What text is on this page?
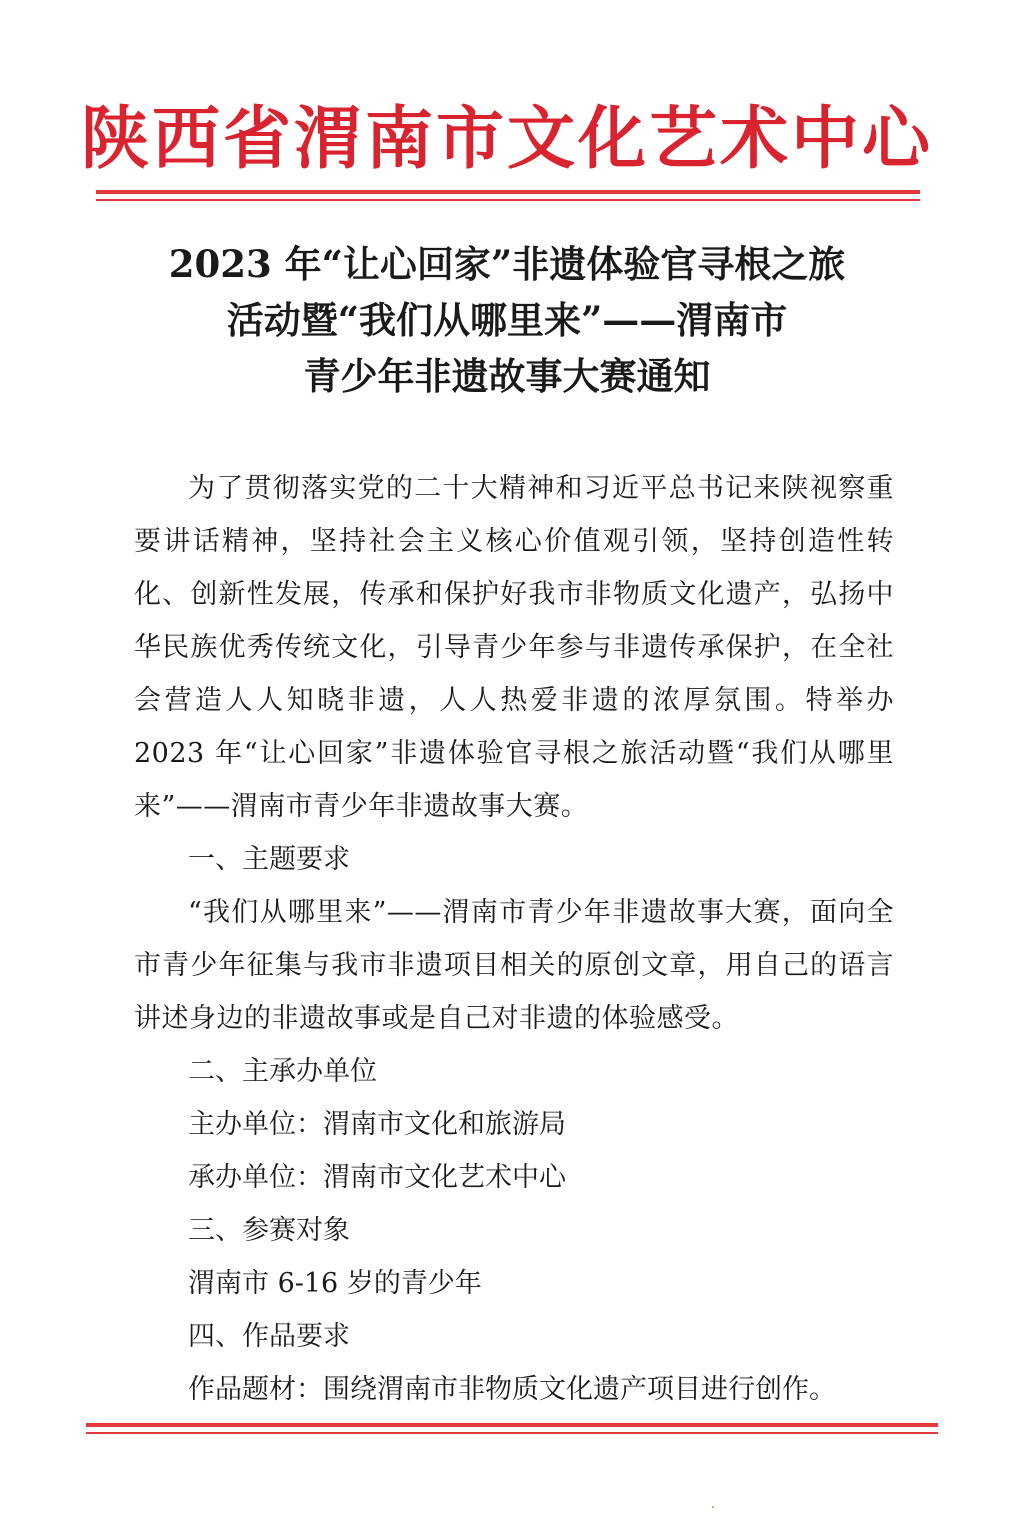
陕西省渭南市文化艺术中心
2023 年“让心回家”非遗体验官寻根之旅
活动暨“我们从哪里来”——渭南市
青少年非遗故事大赛通知

为了贯彻落实党的二十大精神和习近平总书记来陕视察重要讲话精神，坚持社会主义核心价值观引领，坚持创造性转化、创新性发展，传承和保护好我市非物质文化遗产，弘扬中华民族优秀传统文化，引导青少年参与非遗传承保护，在全社会营造人人知晓非遗，人人热爱非遗的浓厚氛围。特举办 2023 年“让心回家”非遗体验官寻根之旅活动暨“我们从哪里来”——渭南市青少年非遗故事大赛。

一、主题要求

“我们从哪里来”——渭南市青少年非遗故事大赛，面向全市青少年征集与我市非遗项目相关的原创文章，用自己的语言讲述身边的非遗故事或是自己对非遗的体验感受。

二、主承办单位

主办单位：渭南市文化和旅游局

承办单位：渭南市文化艺术中心

三、参赛对象

渭南市 6-16 岁的青少年

四、作品要求

作品题材：围绕渭南市非物质文化遗产项目进行创作。
